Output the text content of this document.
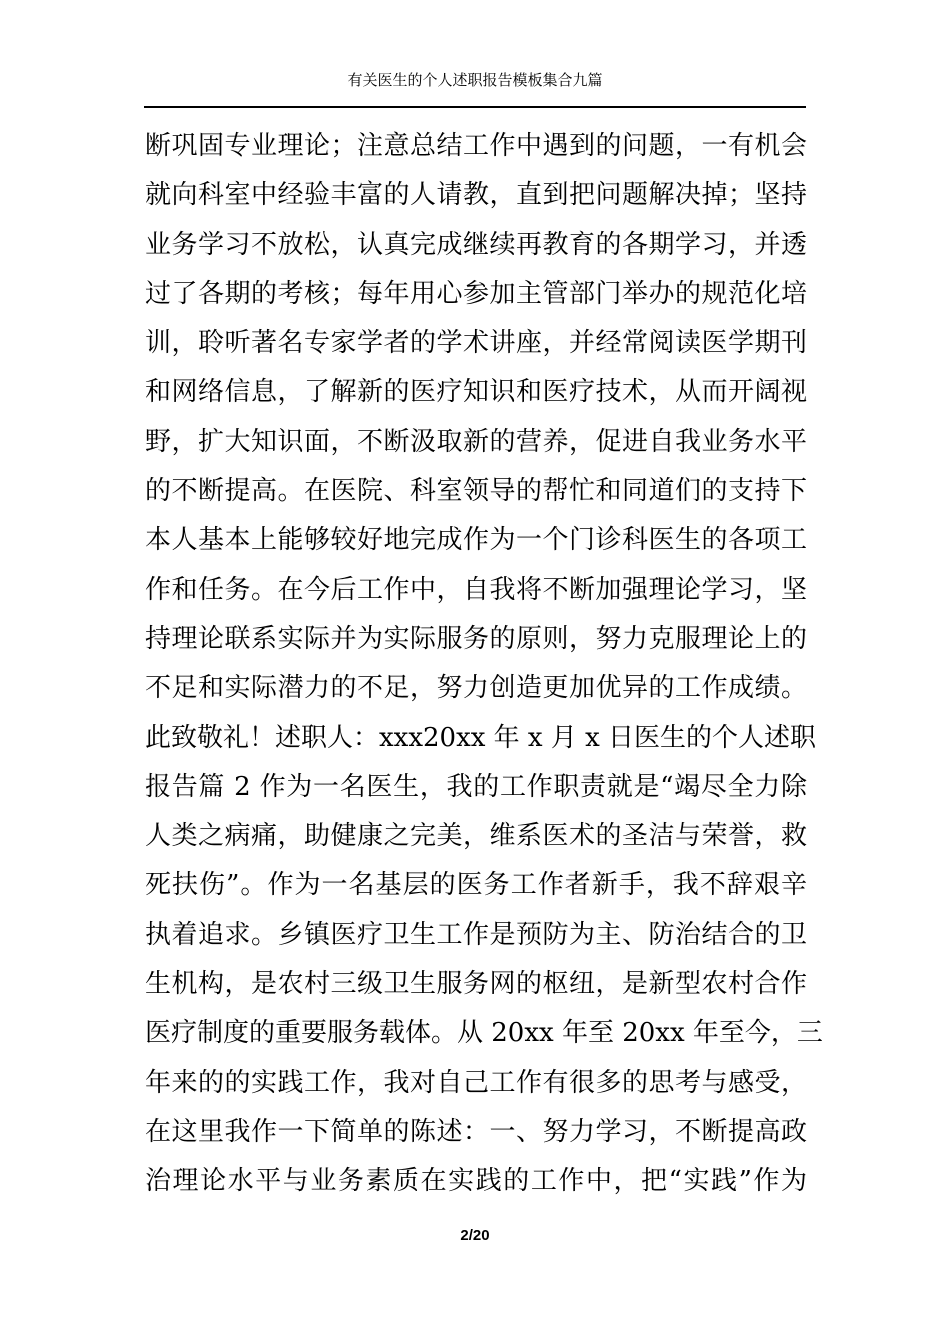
有关医生的个人述职报告模板集合九篇
断巩固专业理论；注意总结工作中遇到的问题，一有机会
就向科室中经验丰富的人请教，直到把问题解决掉；坚持
业务学习不放松，认真完成继续再教育的各期学习，并透
过了各期的考核；每年用心参加主管部门举办的规范化培
训，聆听著名专家学者的学术讲座，并经常阅读医学期刊
和网络信息，了解新的医疗知识和医疗技术，从而开阔视
野，扩大知识面，不断汲取新的营养，促进自我业务水平
的不断提高。在医院、科室领导的帮忙和同道们的支持下
本人基本上能够较好地完成作为一个门诊科医生的各项工
作和任务。在今后工作中，自我将不断加强理论学习，坚
持理论联系实际并为实际服务的原则，努力克服理论上的
不足和实际潜力的不足，努力创造更加优异的工作成绩。
此致敬礼！述职人：xxx20xx 年 x 月 x 日医生的个人述职
报告篇 2 作为一名医生，我的工作职责就是“竭尽全力除
人类之病痛，助健康之完美，维系医术的圣洁与荣誉，救
死扶伤”。作为一名基层的医务工作者新手，我不辞艰辛
执着追求。乡镇医疗卫生工作是预防为主、防治结合的卫
生机构，是农村三级卫生服务网的枢纽，是新型农村合作
医疗制度的重要服务载体。从 20xx 年至 20xx 年至今，三
年来的的实践工作，我对自己工作有很多的思考与感受，
在这里我作一下简单的陈述：一、努力学习，不断提高政
治理论水平与业务素质在实践的工作中，把“实践”作为
2/20
